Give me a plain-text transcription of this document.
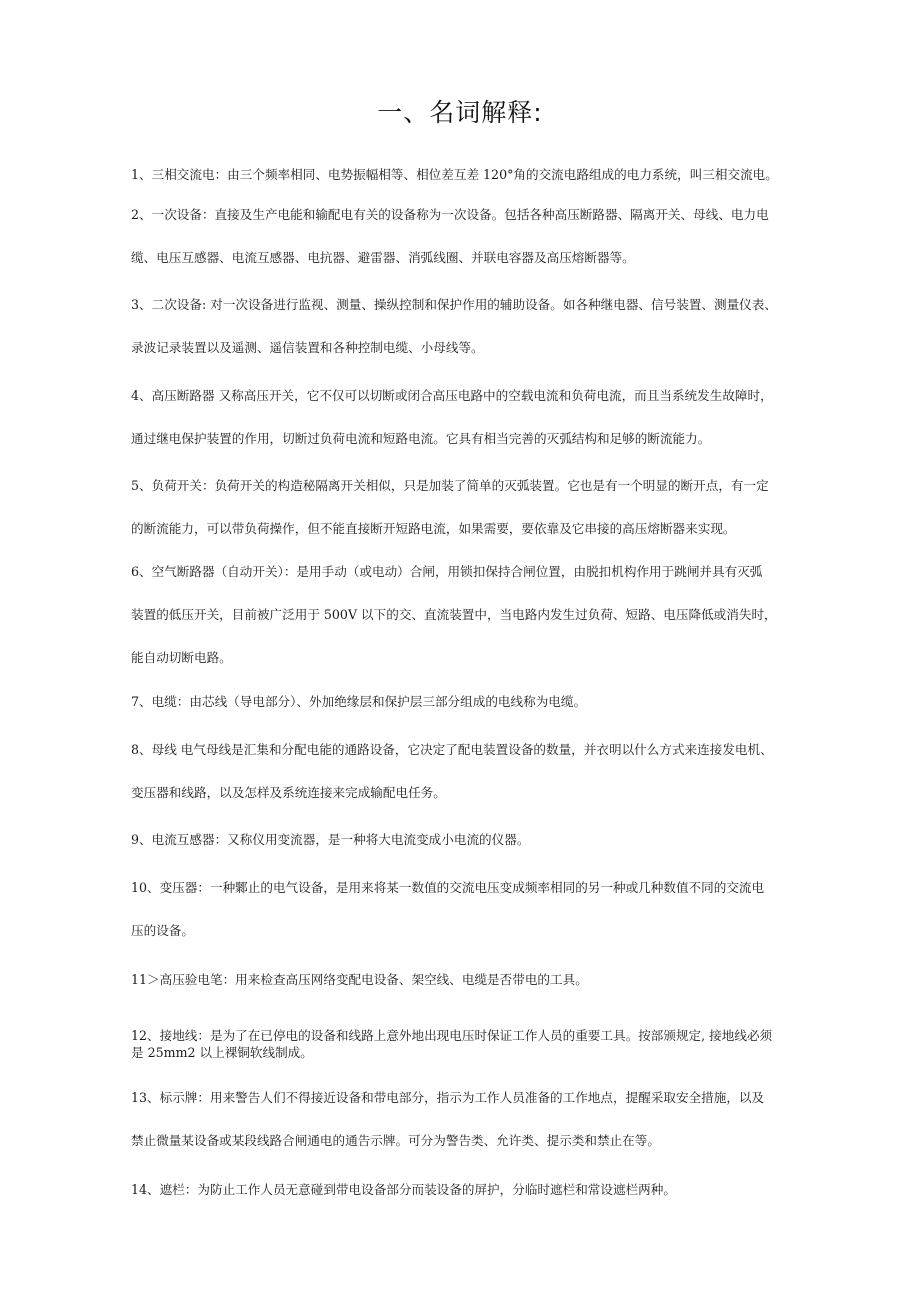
一、名词解释:
1、三相交流电：由三个频率相同、电势振幅相等、相位差互差 120°角的交流电路组成的电力系统，叫三相交流电。
2、一次设备：直接及生产电能和输配电有关的设备称为一次设备。包括各种高压断路器、隔离开关、母线、电力电
缆、电压互感器、电流互感器、电抗器、避雷器、消弧线圈、并联电容器及高压熔断器等。
3、二次设备: 对一次设备进行监视、测量、操纵控制和保护作用的辅助设备。如各种继电器、信号装置、测量仪表、
录波记录装置以及遥测、遥信装置和各种控制电缆、小母线等。
4、高压断路器 又称高压开关，它不仅可以切断或闭合高压电路中的空载电流和负荷电流，而且当系统发生故障时，
通过继电保护装置的作用，切断过负荷电流和短路电流。它具有相当完善的灭弧结构和足够的断流能力。
5、负荷开关：负荷开关的构造秘隔离开关相似，只是加装了简单的灭弧装置。它也是有一个明显的断开点，有一定
的断流能力，可以带负荷操作，但不能直接断开短路电流，如果需要，要依靠及它串接的高压熔断器来实现。
6、空气断路器（自动开关）：是用手动（或电动）合闸，用锁扣保持合闸位置，由脱扣机构作用于跳闸并具有灭弧
装置的低压开关，目前被广泛用于 500V 以下的交、直流装置中，当电路内发生过负荷、短路、电压降低或消失时，
能自动切断电路。
7、电缆：由芯线（导电部分）、外加绝缘层和保护层三部分组成的电线称为电缆。
8、母线 电气母线是汇集和分配电能的通路设备，它决定了配电装置设备的数量，并衣明以什么方式来连接发电机、
变压器和线路，以及怎样及系统连接来完成输配电任务。
9、电流互感器：又称仪用变流器，是一种将大电流变成小电流的仪器。
10、变压器：一种鄹止的电气设备，是用来将某一数值的交流电压变成频率相同的另一种或几种数值不同的交流电
压的设备。
11＞高压验电笔：用来检查高压网络变配电设备、架空线、电缆是否带电的工具。
12、接地线：是为了在已停电的设备和线路上意外地出现电压时保证工作人员的重要工具。按部颁规定, 接地线必须
是 25mm2 以上裸铜软线制成。
13、标示牌：用来警告人们不得接近设备和带电部分，指示为工作人员准备的工作地点，提醒采取安全措施，以及
禁止微量某设备或某段线路合闸通电的通告示牌。可分为警告类、允许类、提示类和禁止在等。
14、遮栏：为防止工作人员无意碰到带电设备部分而装设备的屏护，分临时遮栏和常设遮栏两种。
